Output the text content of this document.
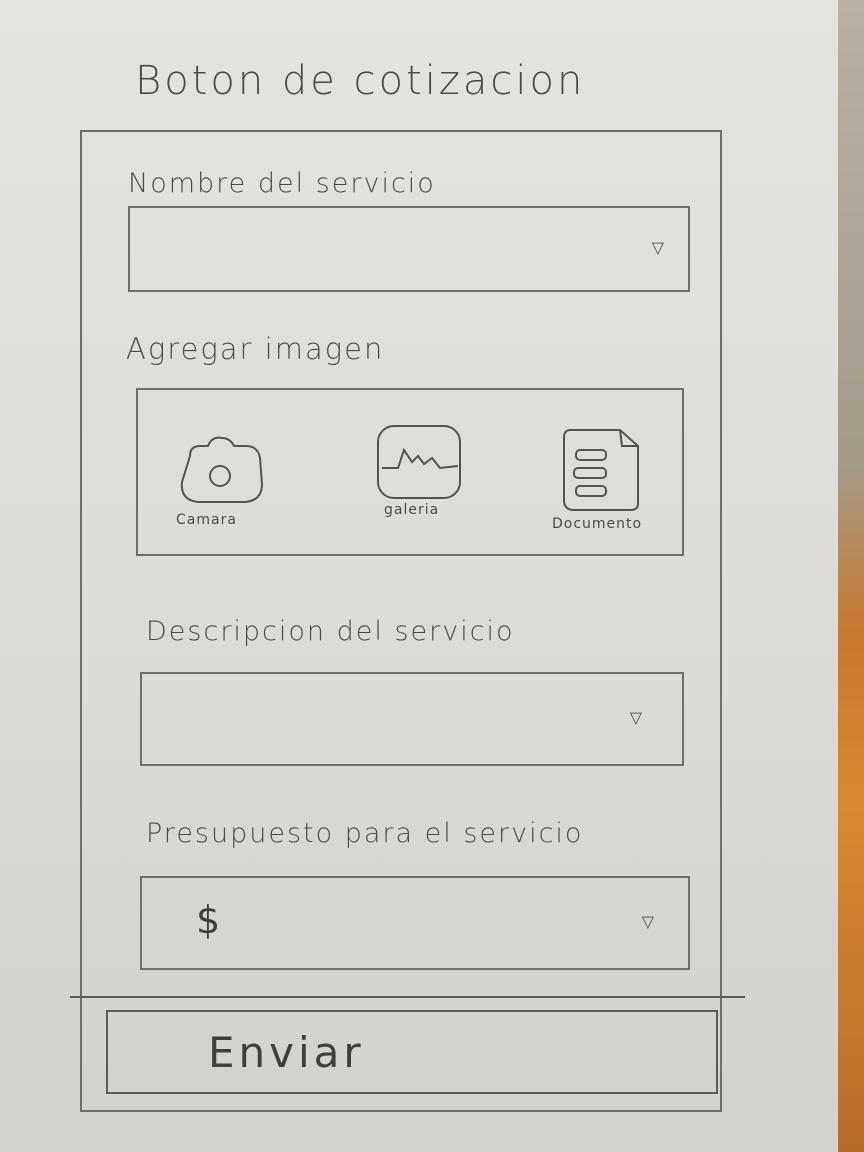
Boton de cotizacion
Nombre del servicio
▽
Agregar imagen
Camara
galeria
Documento
Descripcion del servicio
▽
Presupuesto para el servicio
$	▽
Enviar
